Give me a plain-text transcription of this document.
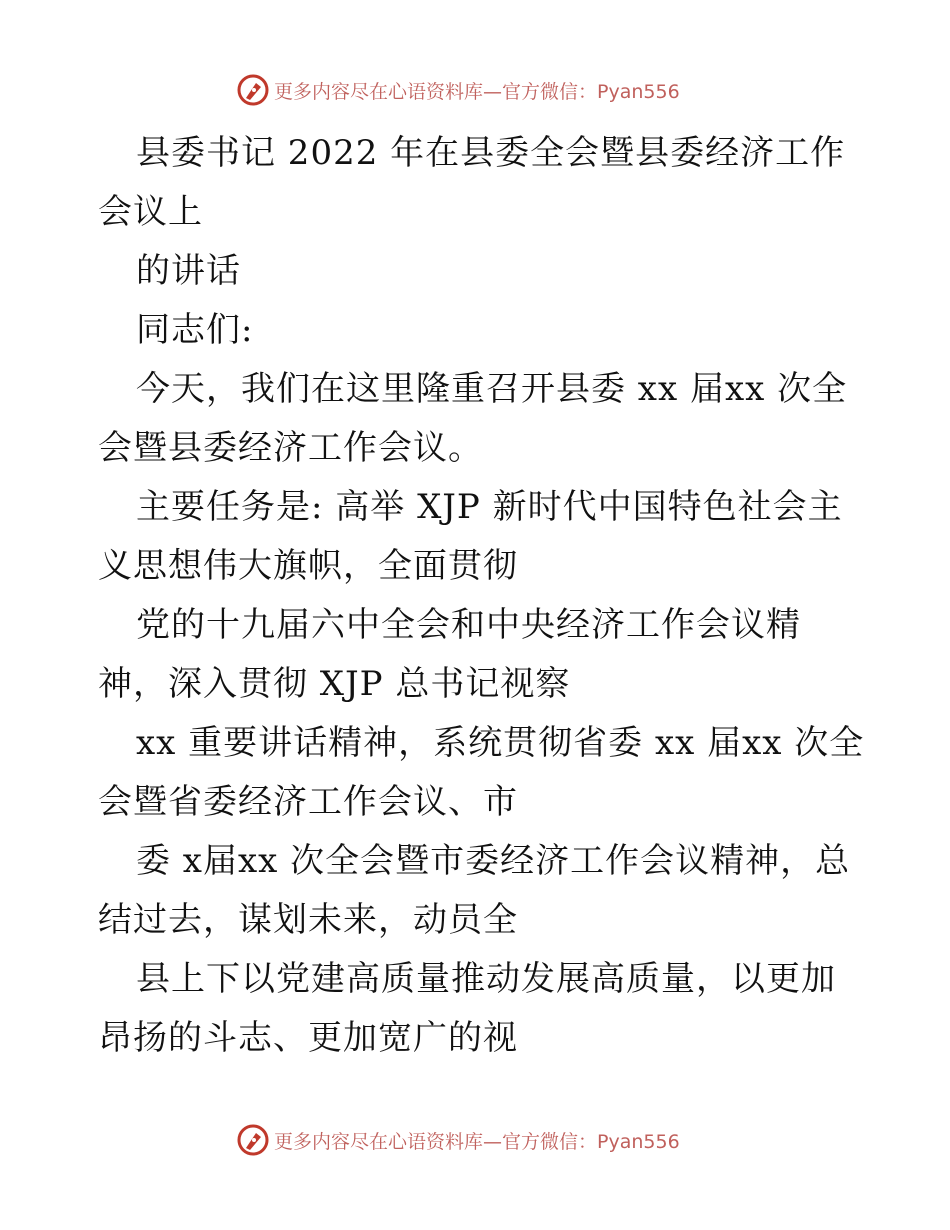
更多内容尽在心语资料库—官方微信：Pyan556

县委书记 2022 年在县委全会暨县委经济工作会议上

的讲话

同志们:

今天，我们在这里隆重召开县委 xx 届xx 次全会暨县委经济工作会议。

主要任务是: 高举 XJP 新时代中国特色社会主义思想伟大旗帜，全面贯彻

党的十九届六中全会和中央经济工作会议精神，深入贯彻 XJP 总书记视察

xx 重要讲话精神，系统贯彻省委 xx 届xx 次全会暨省委经济工作会议、市

委 x届xx 次全会暨市委经济工作会议精神，总结过去，谋划未来，动员全

县上下以党建高质量推动发展高质量，以更加昂扬的斗志、更加宽广的视

更多内容尽在心语资料库—官方微信：Pyan556
